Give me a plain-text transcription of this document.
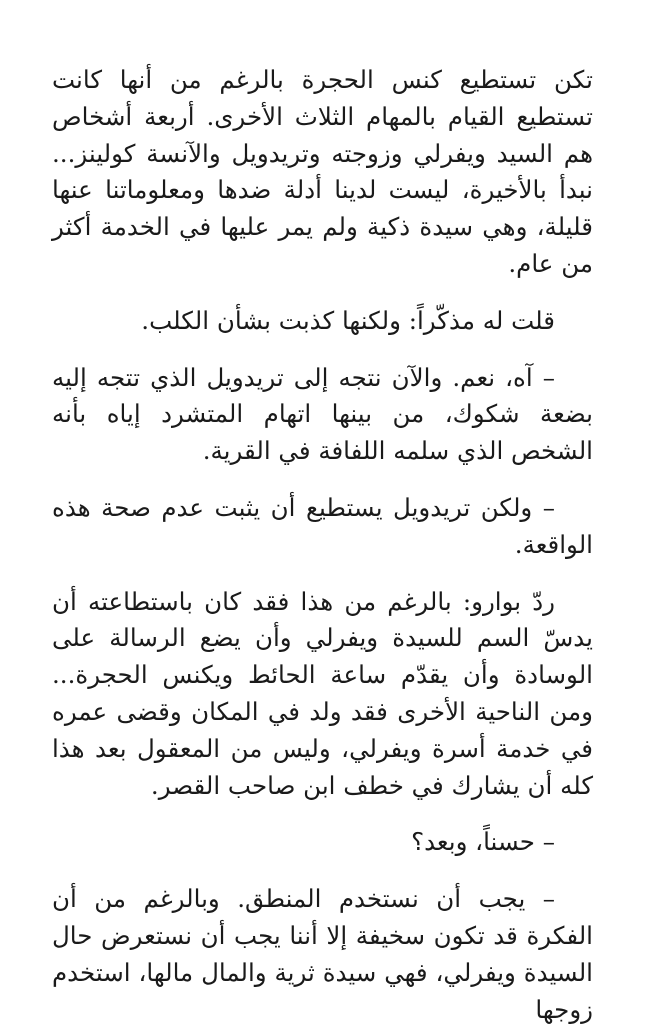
تكن تستطيع كنس الحجرة بالرغم من أنها كانت تستطيع القيام بالمهام الثلاث الأخرى. أربعة أشخاص هم السيد ويفرلي وزوجته وتريدويل والآنسة كولينز... نبدأ بالأخيرة، ليست لدينا أدلة ضدها ومعلوماتنا عنها قليلة، وهي سيدة ذكية ولم يمر عليها في الخدمة أكثر من عام.

قلت له مذكّراً: ولكنها كذبت بشأن الكلب.

– آه، نعم. والآن نتجه إلى تريدويل الذي تتجه إليه بضعة شكوك، من بينها اتهام المتشرد إياه بأنه الشخص الذي سلمه اللفافة في القرية.

– ولكن تريدويل يستطيع أن يثبت عدم صحة هذه الواقعة.

ردّ بوارو: بالرغم من هذا فقد كان باستطاعته أن يدسّ السم للسيدة ويفرلي وأن يضع الرسالة على الوسادة وأن يقدّم ساعة الحائط ويكنس الحجرة... ومن الناحية الأخرى فقد ولد في المكان وقضى عمره في خدمة أسرة ويفرلي، وليس من المعقول بعد هذا كله أن يشارك في خطف ابن صاحب القصر.

– حسناً، وبعد؟

– يجب أن نستخدم المنطق. وبالرغم من أن الفكرة قد تكون سخيفة إلا أننا يجب أن نستعرض حال السيدة ويفرلي، فهي سيدة ثرية والمال مالها، استخدم زوجها
